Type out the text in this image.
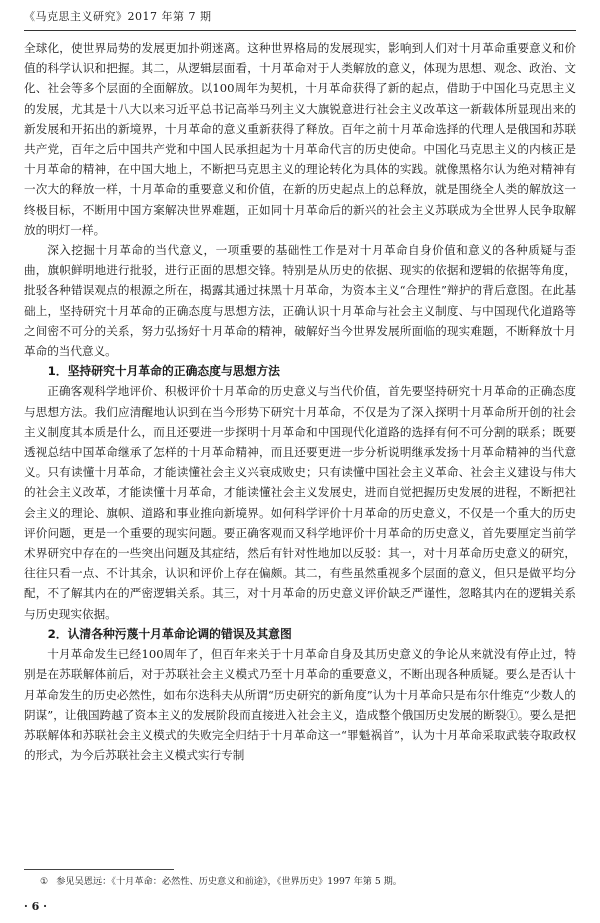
《马克思主义研究》2017 年第 7 期

全球化，使世界局势的发展更加扑朔迷离。这种世界格局的发展现实，影响到人们对十月革命重要意义和价值的科学认识和把握。其二，从逻辑层面看，十月革命对于人类解放的意义，体现为思想、观念、政治、文化、社会等多个层面的全面解放。以100周年为契机，十月革命获得了新的起点，借助于中国化马克思主义的发展，尤其是十八大以来习近平总书记高举马列主义大旗锐意进行社会主义改革这一新载体所显现出来的新发展和开拓出的新境界，十月革命的意义重新获得了释放。百年之前十月革命选择的代理人是俄国和苏联共产党，百年之后中国共产党和中国人民承担起为十月革命代言的历史使命。中国化马克思主义的内核正是十月革命的精神，在中国大地上，不断把马克思主义的理论转化为具体的实践。就像黑格尔认为绝对精神有一次大的释放一样，十月革命的重要意义和价值，在新的历史起点上的总释放，就是围绕全人类的解放这一终极目标，不断用中国方案解决世界难题，正如同十月革命后的新兴的社会主义苏联成为全世界人民争取解放的明灯一样。

深入挖掘十月革命的当代意义，一项重要的基础性工作是对十月革命自身价值和意义的各种质疑与歪曲，旗帜鲜明地进行批驳，进行正面的思想交锋。特别是从历史的依据、现实的依据和逻辑的依据等角度，批驳各种错误观点的根源之所在，揭露其通过抹黑十月革命，为资本主义“合理性”辩护的背后意图。在此基础上，坚持研究十月革命的正确态度与思想方法，正确认识十月革命与社会主义制度、与中国现代化道路等之间密不可分的关系，努力弘扬好十月革命的精神，破解好当今世界发展所面临的现实难题，不断释放十月革命的当代意义。

1．坚持研究十月革命的正确态度与思想方法

正确客观科学地评价、积极评价十月革命的历史意义与当代价值，首先要坚持研究十月革命的正确态度与思想方法。我们应清醒地认识到在当今形势下研究十月革命，不仅是为了深入探明十月革命所开创的社会主义制度其本质是什么，而且还要进一步探明十月革命和中国现代化道路的选择有何不可分割的联系；既要透视总结中国革命继承了怎样的十月革命精神，而且还要更进一步分析说明继承发扬十月革命精神的当代意义。只有读懂十月革命，才能读懂社会主义兴衰成败史；只有读懂中国社会主义革命、社会主义建设与伟大的社会主义改革，才能读懂十月革命，才能读懂社会主义发展史，进而自觉把握历史发展的进程，不断把社会主义的理论、旗帜、道路和事业推向新境界。如何科学评价十月革命的历史意义，不仅是一个重大的历史评价问题，更是一个重要的现实问题。要正确客观而又科学地评价十月革命的历史意义，首先要厘定当前学术界研究中存在的一些突出问题及其症结，然后有针对性地加以反驳：其一，对十月革命历史意义的研究，往往只看一点、不计其余，认识和评价上存在偏颇。其二，有些虽然重视多个层面的意义，但只是做平均分配，不了解其内在的严密逻辑关系。其三，对十月革命的历史意义评价缺乏严谨性，忽略其内在的逻辑关系与历史现实依据。

2．认清各种污蔑十月革命论调的错误及其意图

十月革命发生已经100周年了，但百年来关于十月革命自身及其历史意义的争论从来就没有停止过，特别是在苏联解体前后，对于苏联社会主义模式乃至十月革命的重要意义，不断出现各种质疑。要么是否认十月革命发生的历史必然性，如布尔迭科夫从所谓“历史研究的新角度”认为十月革命只是布尔什维克“少数人的阴谋”，让俄国跨越了资本主义的发展阶段而直接进入社会主义，造成整个俄国历史发展的断裂①。要么是把苏联解体和苏联社会主义模式的失败完全归结于十月革命这一“罪魁祸首”，认为十月革命采取武装夺取政权的形式，为今后苏联社会主义模式实行专制

① 参见吴恩远：《十月革命：必然性、历史意义和前途》，《世界历史》1997 年第 5 期。
· 6 ·
